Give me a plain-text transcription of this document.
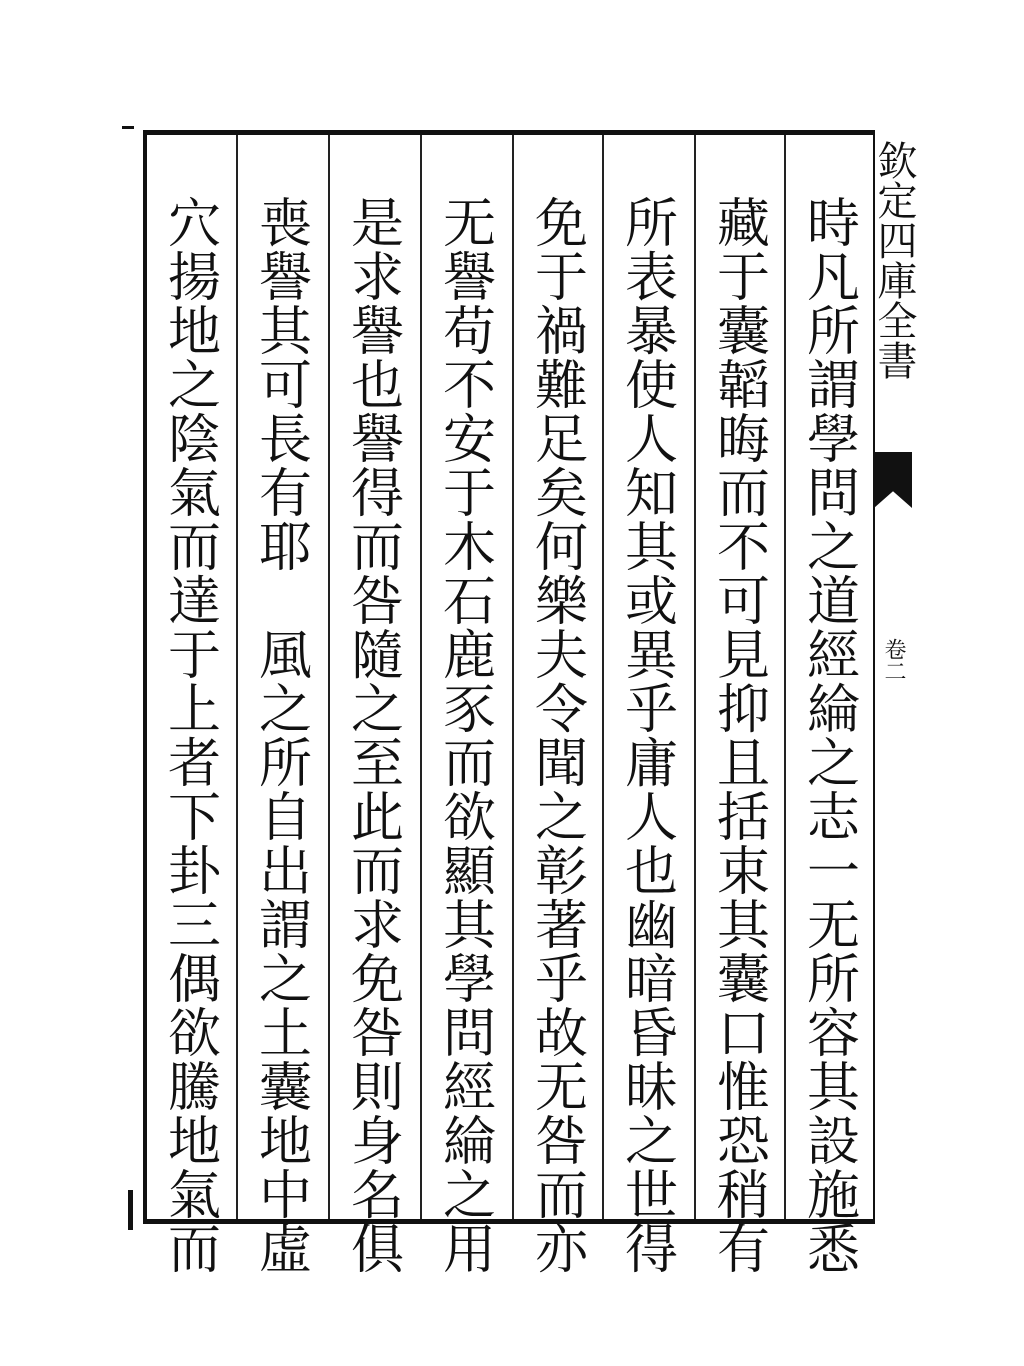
時凡所謂學問之道經綸之志一无所容其設施悉
藏于囊韜晦而不可見抑且括束其囊口惟恐稍有
所表暴使人知其或異乎庸人也幽暗昏昧之世得
免于禍難足矣何樂夫令聞之彰著乎故无咎而亦
无譽苟不安于木石鹿豕而欲顯其學問經綸之用
是求譽也譽得而咎隨之至此而求免咎則身名俱
喪譽其可長有耶　風之所自出謂之土囊地中虛
穴揚地之陰氣而達于上者下卦三偶欲騰地氣而	欽定四庫全書
卷二
